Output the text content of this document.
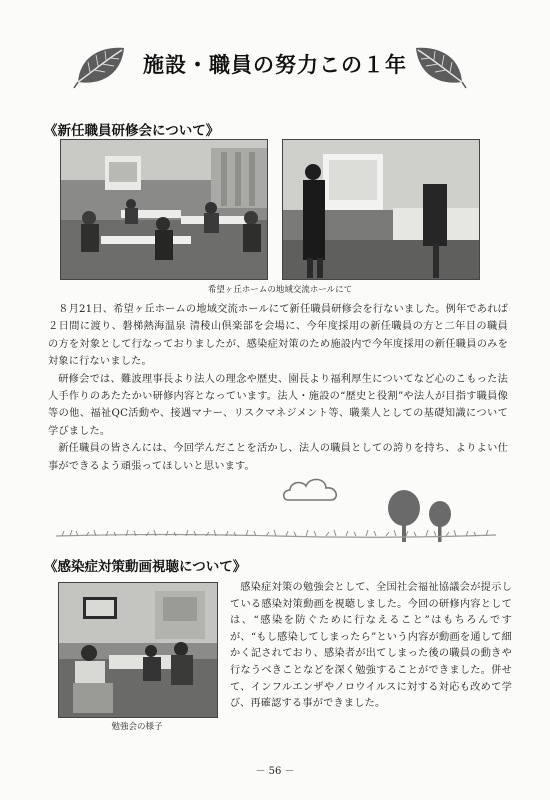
施設・職員の努力この１年
《新任職員研修会について》
希望ヶ丘ホームの地域交流ホールにて

８月21日、希望ヶ丘ホームの地域交流ホールにて新任職員研修会を行ないました。例年であれば２日間に渡り、磐梯熱海温泉 清稜山倶楽部を会場に、今年度採用の新任職員の方と二年目の職員の方を対象として行なっておりましたが、感染症対策のため施設内で今年度採用の新任職員のみを対象に行ないました。

研修会では、難波理事長より法人の理念や歴史、園長より福利厚生についてなど心のこもった法人手作りのあたたかい研修内容となっています。法人・施設の“歴史と役割”や法人が目指す職員像等の他、福祉QC活動や、接遇マナー、リスクマネジメント等、職業人としての基礎知識について学びました。

新任職員の皆さんには、今回学んだことを活かし、法人の職員としての誇りを持ち、よりよい仕事ができるよう頑張ってほしいと思います。

《感染症対策動画視聴について》
勉強会の様子

感染症対策の勉強会として、全国社会福祉協議会が提示している感染対策動画を視聴しました。今回の研修内容としては、“感染を防ぐために行なえること”はもちろんですが、“もし感染してしまったら”という内容が動画を通して細かく記されており、感染者が出てしまった後の職員の動きや行なうべきことなどを深く勉強することができました。併せて、インフルエンザやノロウイルスに対する対応も改めて学び、再確認する事ができました。

－ 56 －
